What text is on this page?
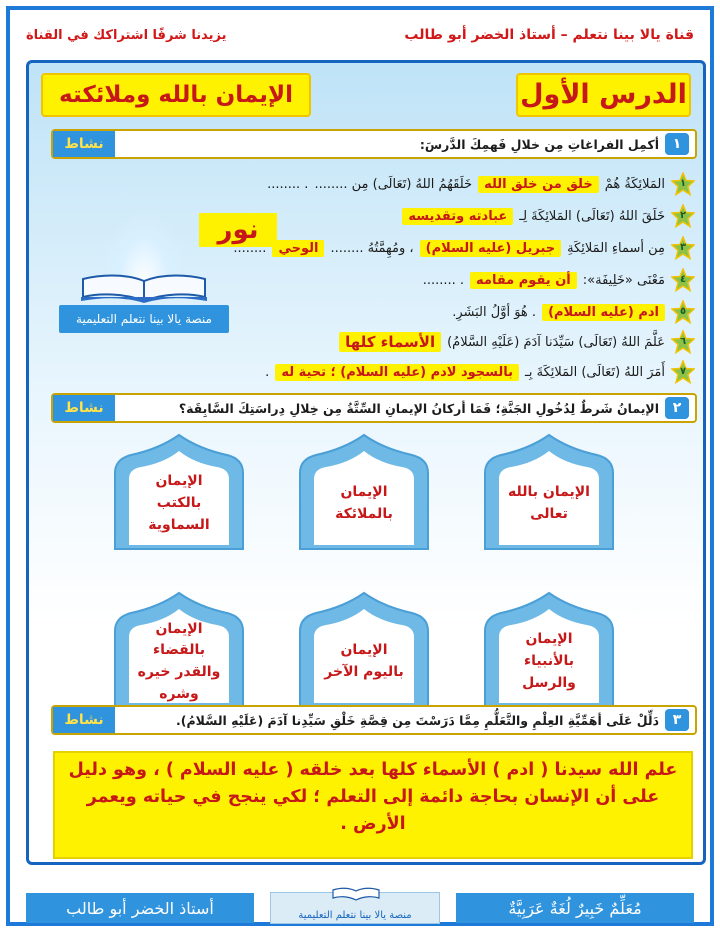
قناة يالا بينا نتعلم – أستاذ الخضر أبو طالب
يزيدنا شرفًا اشتراكك في القناة
الدرس الأول
الإيمان بالله وملائكته
١
أكمِل الفراغاتِ مِن خلالِ فَهمِكَ الدَّرسَ:
نشاط
منصة يالا بينا نتعلم التعليمية
نور
١
المَلائِكَةُ هُمْ
خلق من خلق الله
خَلَقَهُمُ اللهُ (تَعَالَى) مِن ........
. ........
٢
خَلَقَ اللهُ (تَعَالَى) المَلائِكَةَ لِـ
عبادته وتقديسه
٣
مِن أسماءِ المَلائِكَةِ
جبريل (عليه السلام)
، ومُهِمَّتُهُ ........
الوحي
........
٤
مَعْنَى «خَلِيفَة»:
أن يقوم مقامه
. ........
٥
ادم (عليه السلام)
. هُوَ أوَّلُ البَشَرِ.
٦
عَلَّمَ اللهُ (تَعَالَى) سَيِّدَنا آدَمَ (عَلَيْهِ السَّلامُ)
الأسماء كلها
٧
أَمَرَ اللهُ (تَعَالَى) المَلائِكَةَ بِـ
بالسجود لادم (عليه السلام) ؛ تحية له
.
٢
الإيمانُ شَرطٌ لِدُخُولِ الجَنَّةِ؛ فَمَا أركانُ الإيمانِ السِّتَّةُ مِن خِلالِ دِراسَتِكَ السَّابِقَة؟
نشاط
الإيمان بالله تعالى
الإيمان بالملائكة
الإيمان بالكتب السماوية
الإيمان بالأنبياء والرسل
الإيمان باليوم الآخر
الإيمان بالقضاء والقدر خيره وشره
٣
دَلِّلْ عَلَى أهَمِّيَّةِ العِلْمِ والتَّعَلُّمِ مِمَّا دَرَسْتَ مِن قِصَّةِ خَلْقِ سَيِّدِنا آدَمَ (عَلَيْهِ السَّلامُ).
نشاط
علم الله سيدنا ( ادم ) الأسماء كلها بعد خلقه ( عليه السلام ) ، وهو دليل على أن الإنسان بحاجة دائمة إلى التعلم ؛ لكي ينجح في حياته ويعمر الأرض .
مُعَلِّمٌ خَبِيرٌ لُغَةٌ عَرَبِيَّةٌ
منصة يالا بينا نتعلم التعليمية
أستاذ الخضر أبو طالب
